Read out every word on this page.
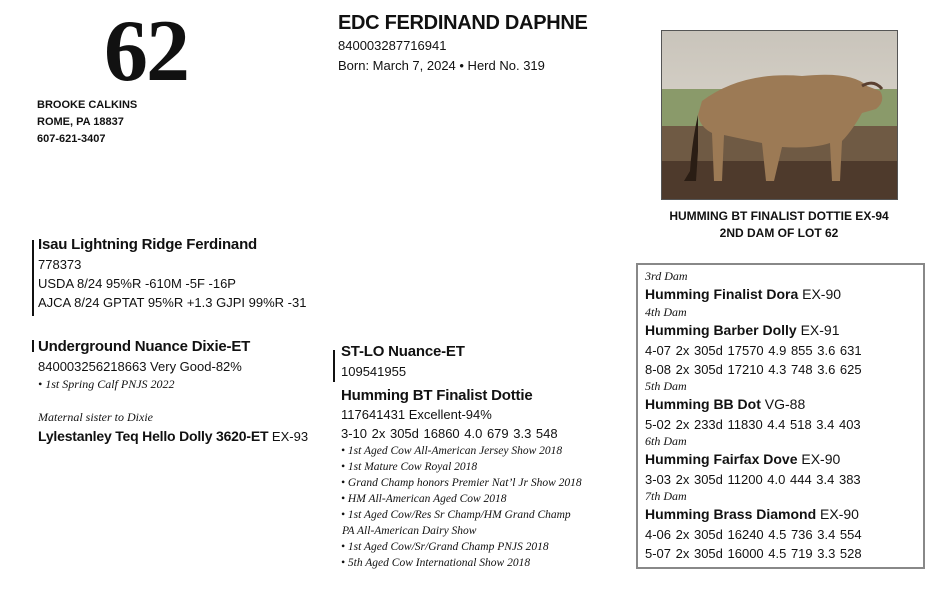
62
BROOKE CALKINS
ROME, PA 18837
607-621-3407
EDC FERDINAND DAPHNE
840003287716941
Born: March 7, 2024 • Herd No. 319
HUMMING BT FINALIST DOTTIE EX-94
2ND DAM OF LOT 62
Isau Lightning Ridge Ferdinand
778373
USDA 8/24 95%R -610M -5F -16P
AJCA 8/24 GPTAT 95%R +1.3 GJPI 99%R -31
Underground Nuance Dixie-ET
840003256218663 Very Good-82%
• 1st Spring Calf PNJS 2022
Maternal sister to Dixie
Lylestanley Teq Hello Dolly 3620-ET EX-93
ST-LO Nuance-ET
109541955
Humming BT Finalist Dottie
117641431 Excellent-94%
3-10 2x 305d 16860 4.0 679 3.3 548
• 1st Aged Cow All-American Jersey Show 2018
• 1st Mature Cow Royal 2018
• Grand Champ honors Premier Nat’l Jr Show 2018
• HM All-American Aged Cow 2018
• 1st Aged Cow/Res Sr Champ/HM Grand Champ
PA All-American Dairy Show
• 1st Aged Cow/Sr/Grand Champ PNJS 2018
• 5th Aged Cow International Show 2018
3rd Dam
Humming Finalist Dora EX-90
4th Dam
Humming Barber Dolly EX-91
4-07 2x 305d 17570 4.9 855 3.6 631
8-08 2x 305d 17210 4.3 748 3.6 625
5th Dam
Humming BB Dot VG-88
5-02 2x 233d 11830 4.4 518 3.4 403
6th Dam
Humming Fairfax Dove EX-90
3-03 2x 305d 11200 4.0 444 3.4 383
7th Dam
Humming Brass Diamond EX-90
4-06 2x 305d 16240 4.5 736 3.4 554
5-07 2x 305d 16000 4.5 719 3.3 528
